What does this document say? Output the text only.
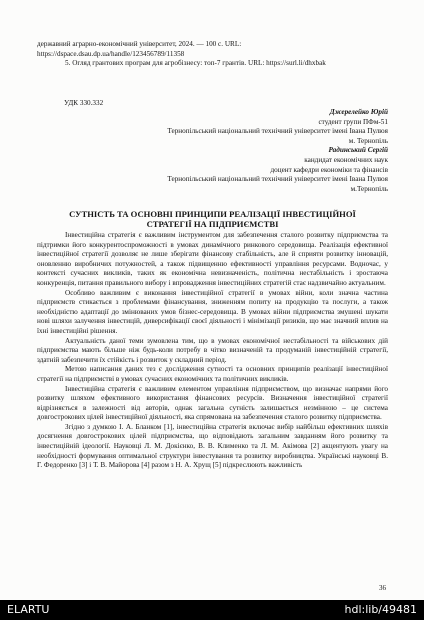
державний аграрно-економічний університет, 2024. — 100 с. URL: https://dspace.dsau.dp.ua/handle/123456789/11358

5. Огляд грантових програм для агробізнесу: топ-7 грантів. URL: https://surl.li/dhxbak

УДК 330.332
Джерелейко Юрій
студент групи ПФм-51
Тернопільський національний технічний університет імені Івана Пулюя
м. Тернопіль
Радинський Сергій
кандидат економічних наук
доцент кафедри економіки та фінансів
Тернопільський національний технічний університет імені Івана Пулюя
м.Тернопіль
СУТНІСТЬ ТА ОСНОВНІ ПРИНЦИПИ РЕАЛІЗАЦІЇ ІНВЕСТИЦІЙНОЇ
СТРАТЕГІЇ НА ПІДПРИЄМСТВІ

Інвестиційна стратегія є важливим інструментом для забезпечення сталого розвитку підприємства та підтримки його конкурентоспроможності в умовах динамічного ринкового середовища. Реалізація ефективної інвестиційної стратегії дозволяє не лише зберігати фінансову стабільність, але й сприяти розвитку інновацій, оновленню виробничих потужностей, а також підвищенню ефективності управління ресурсами. Водночас, у контексті сучасних викликів, таких як економічна невизначеність, політична нестабільність і зростаюча конкуренція, питання правильного вибору і впровадження інвестиційних стратегій стає надзвичайно актуальним.

Особливо важливим є виконання інвестиційної стратегії в умовах війни, коли значна частина підприємств стикається з проблемами фінансування, зниженням попиту на продукцію та послуги, а також необхідністю адаптації до змінюваних умов бізнес-середовища. В умовах війни підприємства змушені шукати нові шляхи залучення інвестицій, диверсифікації своєї діяльності і мінімізації ризиків, що має значний вплив на їхні інвестиційні рішення.

Актуальність даної теми зумовлена тим, що в умовах економічної нестабільності та військових дій підприємства мають більше ніж будь-коли потребу в чітко визначеній та продуманій інвестиційній стратегії, здатній забезпечити їх стійкість і розвиток у складний період.

Метою написання даних тез є дослідження сутності та основних принципів реалізації інвестиційної стратегії на підприємстві в умовах сучасних економічних та політичних викликів.

Інвестиційна стратегія є важливим елементом управління підприємством, що визначає напрями його розвитку шляхом ефективного використання фінансових ресурсів. Визначення інвестиційної стратегії відрізняється в залежності від авторів, однак загальна сутність залишається незмінною – це система довгострокових цілей інвестиційної діяльності, яка спрямована на забезпечення сталого розвитку підприємства.

Згідно з думкою І. А. Бланком [1], інвестиційна стратегія включає вибір найбільш ефективних шляхів досягнення довгострокових цілей підприємства, що відповідають загальним завданням його розвитку та інвестиційній ідеології. Науковці Л. М. Докієнко, В. В. Клименко та Л. М. Акімова [2] акцентують увагу на необхідності формування оптимальної структури інвестування та розвитку виробництва. Українські науковці В. Г. Федоренко [3] і Т. В. Майорова [4] разом з Н. А. Хрущ [5] підкреслюють важливість

36
ELARTU	hdl:lib/49481
